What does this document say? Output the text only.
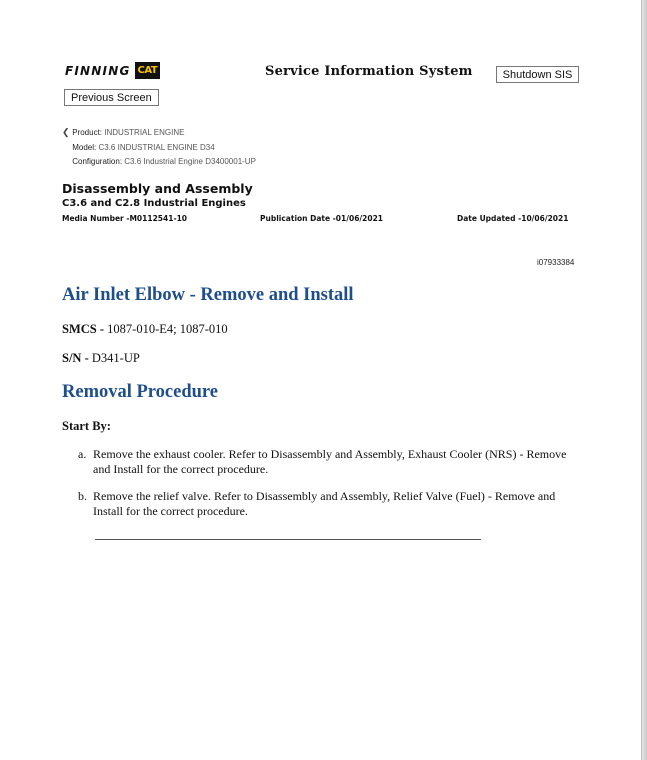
FINNING CAT
Previous Screen
Service Information System	Shutdown SIS
❮ Product: INDUSTRIAL ENGINE
Model: C3.6 INDUSTRIAL ENGINE D34
Configuration: C3.6 Industrial Engine D3400001-UP
Disassembly and Assembly
C3.6 and C2.8 Industrial Engines
Media Number -M0112541-10	Publication Date -01/06/2021	Date Updated -10/06/2021
i07933384
Air Inlet Elbow - Remove and Install
SMCS - 1087-010-E4; 1087-010
S/N - D341-UP
Removal Procedure
Start By:
a. Remove the exhaust cooler. Refer to Disassembly and Assembly, Exhaust Cooler (NRS) - Remove and Install for the correct procedure.
b. Remove the relief valve. Refer to Disassembly and Assembly, Relief Valve (Fuel) - Remove and Install for the correct procedure.
